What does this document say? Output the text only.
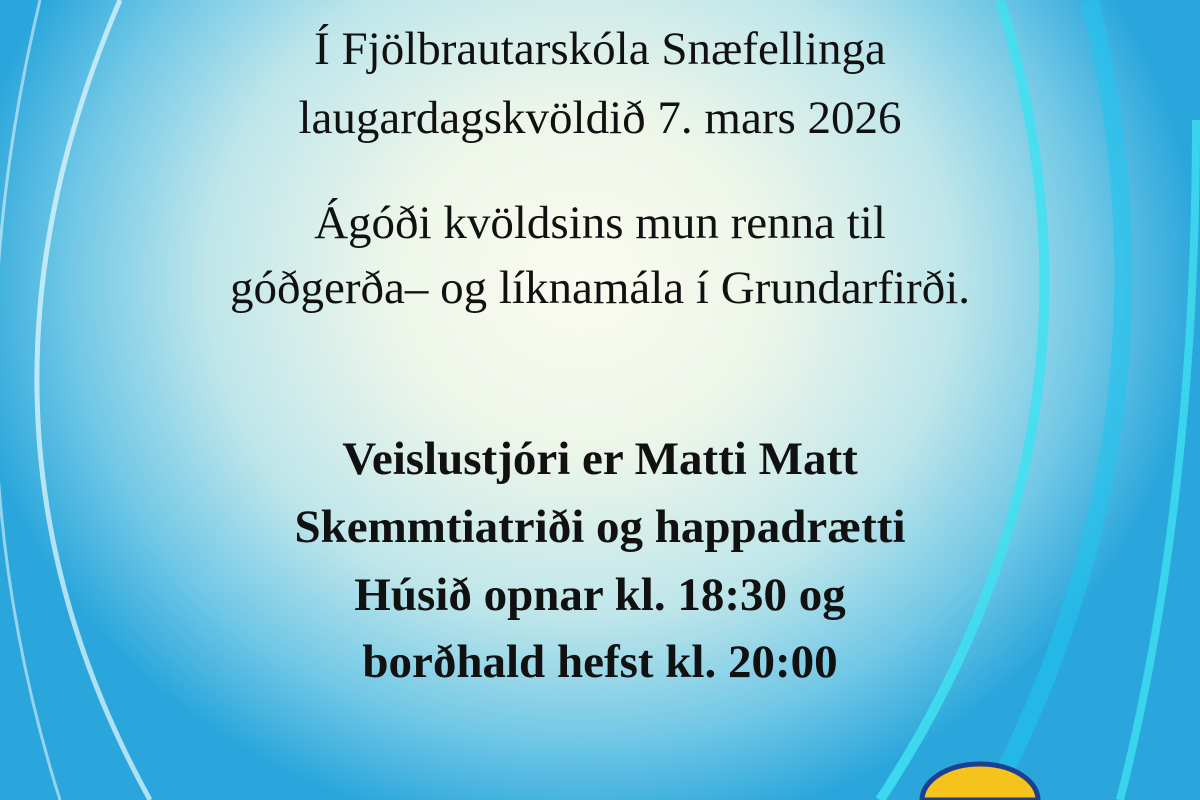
Í Fjölbrautarskóla Snæfellinga
laugardagskvöldið 7. mars 2026
Ágóði kvöldsins mun renna til
góðgerða– og líknamála í Grundarfirði.
Veislustjóri er Matti Matt
Skemmtiatriði og happadrætti
Húsið opnar kl. 18:30 og
borðhald hefst kl. 20:00
